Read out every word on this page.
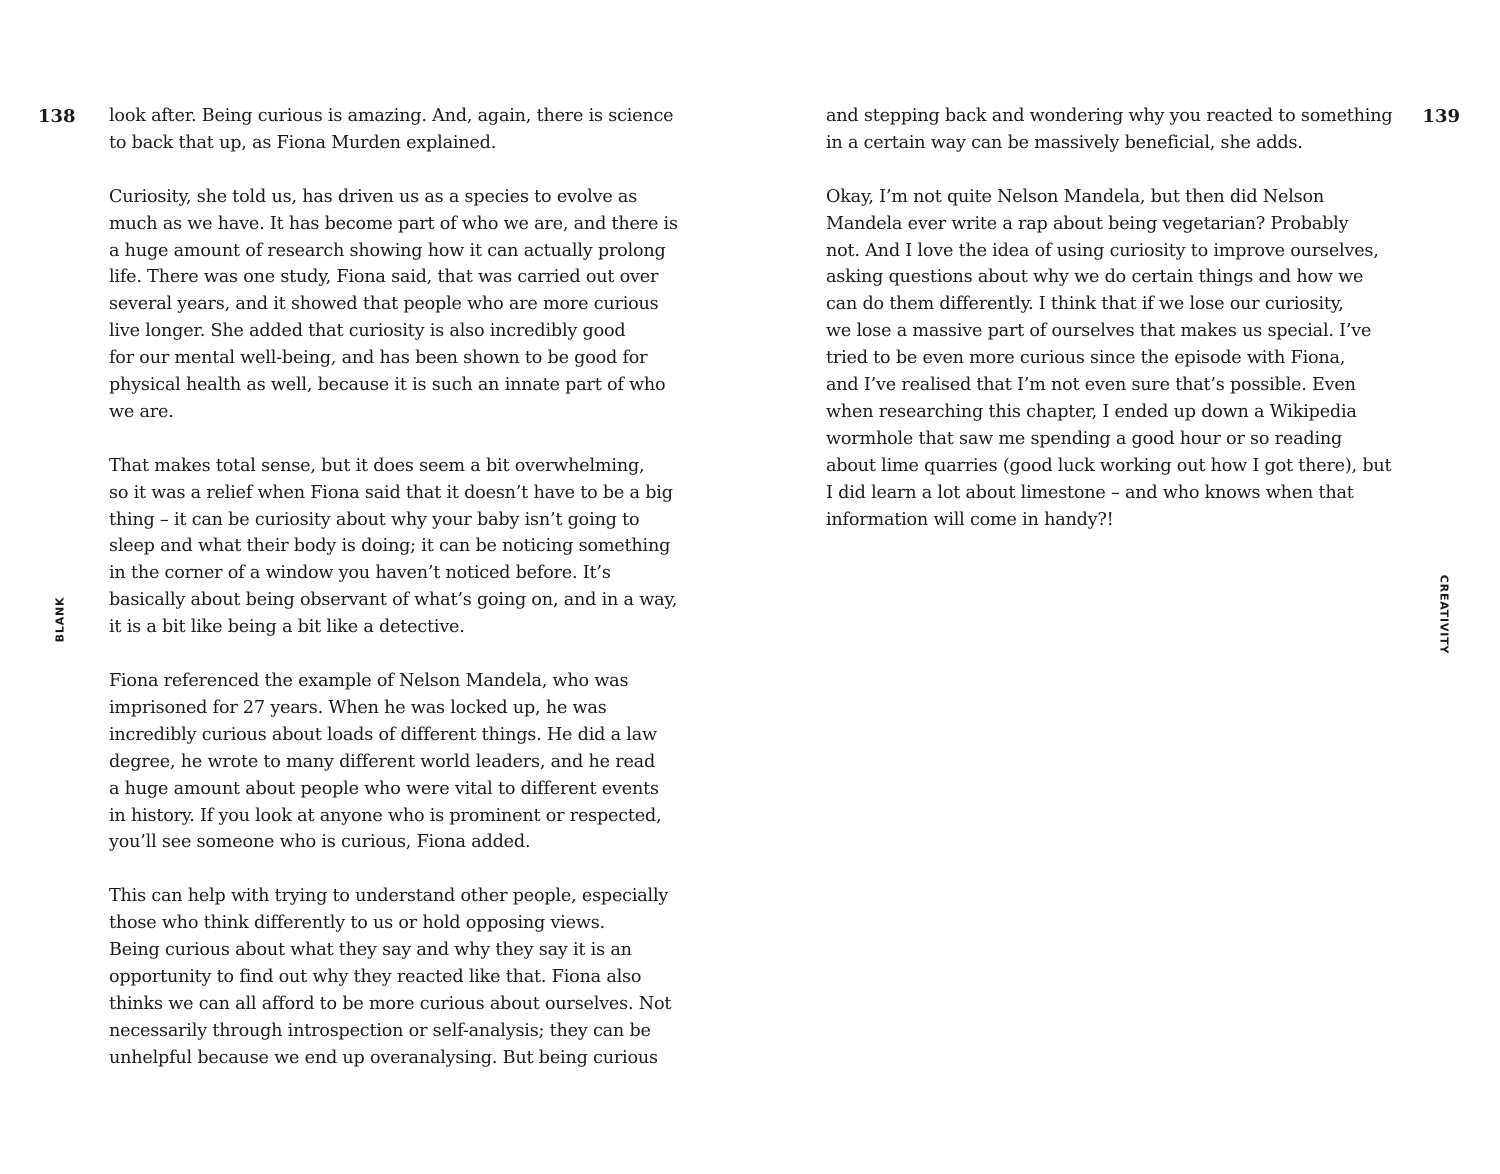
138	139
BLANK	CREATIVITY

look after. Being curious is amazing. And, again, there is science
to back that up, as Fiona Murden explained.

Curiosity, she told us, has driven us as a species to evolve as
much as we have. It has become part of who we are, and there is
a huge amount of research showing how it can actually prolong
life. There was one study, Fiona said, that was carried out over
several years, and it showed that people who are more curious
live longer. She added that curiosity is also incredibly good
for our mental well-being, and has been shown to be good for
physical health as well, because it is such an innate part of who
we are.

That makes total sense, but it does seem a bit overwhelming,
so it was a relief when Fiona said that it doesn’t have to be a big
thing – it can be curiosity about why your baby isn’t going to
sleep and what their body is doing; it can be noticing something
in the corner of a window you haven’t noticed before. It’s
basically about being observant of what’s going on, and in a way,
it is a bit like being a bit like a detective.

Fiona referenced the example of Nelson Mandela, who was
imprisoned for 27 years. When he was locked up, he was
incredibly curious about loads of different things. He did a law
degree, he wrote to many different world leaders, and he read
a huge amount about people who were vital to different events
in history. If you look at anyone who is prominent or respected,
you’ll see someone who is curious, Fiona added.

This can help with trying to understand other people, especially
those who think differently to us or hold opposing views.
Being curious about what they say and why they say it is an
opportunity to find out why they reacted like that. Fiona also
thinks we can all afford to be more curious about ourselves. Not
necessarily through introspection or self-analysis; they can be
unhelpful because we end up overanalysing. But being curious

and stepping back and wondering why you reacted to something
in a certain way can be massively beneficial, she adds.

Okay, I’m not quite Nelson Mandela, but then did Nelson
Mandela ever write a rap about being vegetarian? Probably
not. And I love the idea of using curiosity to improve ourselves,
asking questions about why we do certain things and how we
can do them differently. I think that if we lose our curiosity,
we lose a massive part of ourselves that makes us special. I’ve
tried to be even more curious since the episode with Fiona,
and I’ve realised that I’m not even sure that’s possible. Even
when researching this chapter, I ended up down a Wikipedia
wormhole that saw me spending a good hour or so reading
about lime quarries (good luck working out how I got there), but
I did learn a lot about limestone – and who knows when that
information will come in handy?!
